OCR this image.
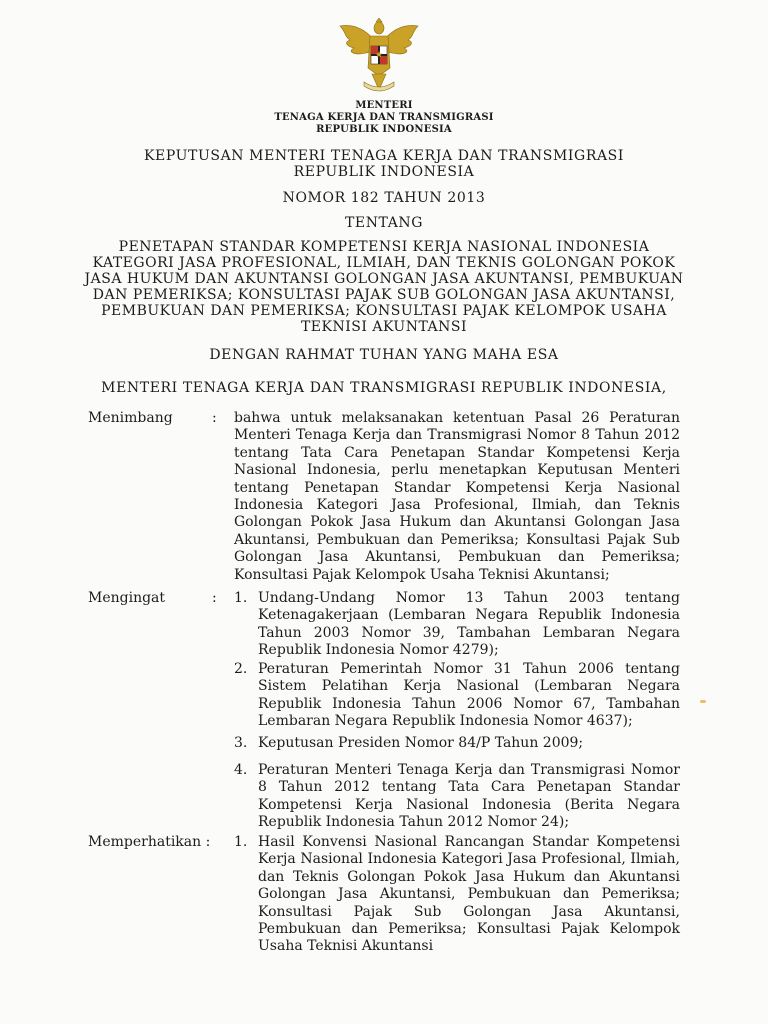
MENTERI
TENAGA KERJA DAN TRANSMIGRASI
REPUBLIK INDONESIA
KEPUTUSAN MENTERI TENAGA KERJA DAN TRANSMIGRASI
REPUBLIK INDONESIA
NOMOR 182 TAHUN 2013
TENTANG
PENETAPAN STANDAR KOMPETENSI KERJA NASIONAL INDONESIA
KATEGORI JASA PROFESIONAL, ILMIAH, DAN TEKNIS GOLONGAN POKOK
JASA HUKUM DAN AKUNTANSI GOLONGAN JASA AKUNTANSI, PEMBUKUAN
DAN PEMERIKSA; KONSULTASI PAJAK SUB GOLONGAN JASA AKUNTANSI,
PEMBUKUAN DAN PEMERIKSA; KONSULTASI PAJAK KELOMPOK USAHA
TEKNISI AKUNTANSI
DENGAN RAHMAT TUHAN YANG MAHA ESA
MENTERI TENAGA KERJA DAN TRANSMIGRASI REPUBLIK INDONESIA,
Menimbang	: bahwa untuk melaksanakan ketentuan Pasal 26 Peraturan Menteri Tenaga Kerja dan Transmigrasi Nomor 8 Tahun 2012 tentang Tata Cara Penetapan Standar Kompetensi Kerja Nasional Indonesia, perlu menetapkan Keputusan Menteri tentang Penetapan Standar Kompetensi Kerja Nasional Indonesia Kategori Jasa Profesional, Ilmiah, dan Teknis Golongan Pokok Jasa Hukum dan Akuntansi Golongan Jasa Akuntansi, Pembukuan dan Pemeriksa; Konsultasi Pajak Sub Golongan Jasa Akuntansi, Pembukuan dan Pemeriksa; Konsultasi Pajak Kelompok Usaha Teknisi Akuntansi;
Mengingat	: 1. Undang-Undang Nomor 13 Tahun 2003 tentang Ketenagakerjaan (Lembaran Negara Republik Indonesia Tahun 2003 Nomor 39, Tambahan Lembaran Negara Republik Indonesia Nomor 4279);
2. Peraturan Pemerintah Nomor 31 Tahun 2006 tentang Sistem Pelatihan Kerja Nasional (Lembaran Negara Republik Indonesia Tahun 2006 Nomor 67, Tambahan Lembaran Negara Republik Indonesia Nomor 4637);
3. Keputusan Presiden Nomor 84/P Tahun 2009;
4. Peraturan Menteri Tenaga Kerja dan Transmigrasi Nomor 8 Tahun 2012 tentang Tata Cara Penetapan Standar Kompetensi Kerja Nasional Indonesia (Berita Negara Republik Indonesia Tahun 2012 Nomor 24);
Memperhatikan :	1. Hasil Konvensi Nasional Rancangan Standar Kompetensi Kerja Nasional Indonesia Kategori Jasa Profesional, Ilmiah, dan Teknis Golongan Pokok Jasa Hukum dan Akuntansi Golongan Jasa Akuntansi, Pembukuan dan Pemeriksa; Konsultasi Pajak Sub Golongan Jasa Akuntansi, Pembukuan dan Pemeriksa; Konsultasi Pajak Kelompok Usaha Teknisi Akuntansi
